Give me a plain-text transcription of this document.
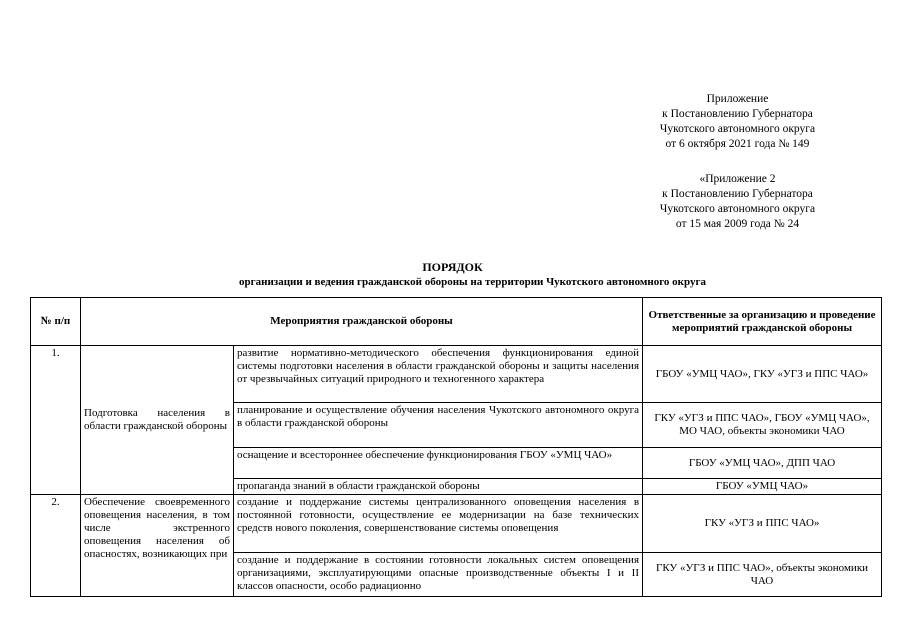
Приложение
к Постановлению Губернатора
Чукотского автономного округа
от 6 октября 2021 года № 149
«Приложение 2
к Постановлению Губернатора
Чукотского автономного округа
от 15 мая 2009 года № 24
ПОРЯДОК
организации и ведения гражданской обороны на территории Чукотского автономного округа
№ п/п	Мероприятия гражданской обороны		Ответственные за организацию и проведение мероприятий гражданской обороны
1.	Подготовка населения в области гражданской обороны	развитие нормативно-методического обеспечения функционирования единой системы подготовки населения в области гражданской обороны и защиты населения от чрезвычайных ситуаций природного и техногенного характера	ГБОУ «УМЦ ЧАО», ГКУ «УГЗ и ППС ЧАО»
		планирование и осуществление обучения населения Чукотского автономного округа в области гражданской обороны	ГКУ «УГЗ и ППС ЧАО», ГБОУ «УМЦ ЧАО», МО ЧАО, объекты экономики ЧАО
		оснащение и всестороннее обеспечение функционирования ГБОУ «УМЦ ЧАО»	ГБОУ «УМЦ ЧАО», ДПП ЧАО
		пропаганда знаний в области гражданской обороны	ГБОУ «УМЦ ЧАО»
2.	Обеспечение своевременного оповещения населения, в том числе экстренного оповещения населения об опасностях, возникающих при	создание и поддержание системы централизованного оповещения населения в постоянной готовности, осуществление ее модернизации на базе технических средств нового поколения, совершенствование системы оповещения	ГКУ «УГЗ и ППС ЧАО»
		создание и поддержание в состоянии готовности локальных систем оповещения организациями, эксплуатирующими опасные производственные объекты I и II классов опасности, особо радиационно	ГКУ «УГЗ и ППС ЧАО», объекты экономики ЧАО
